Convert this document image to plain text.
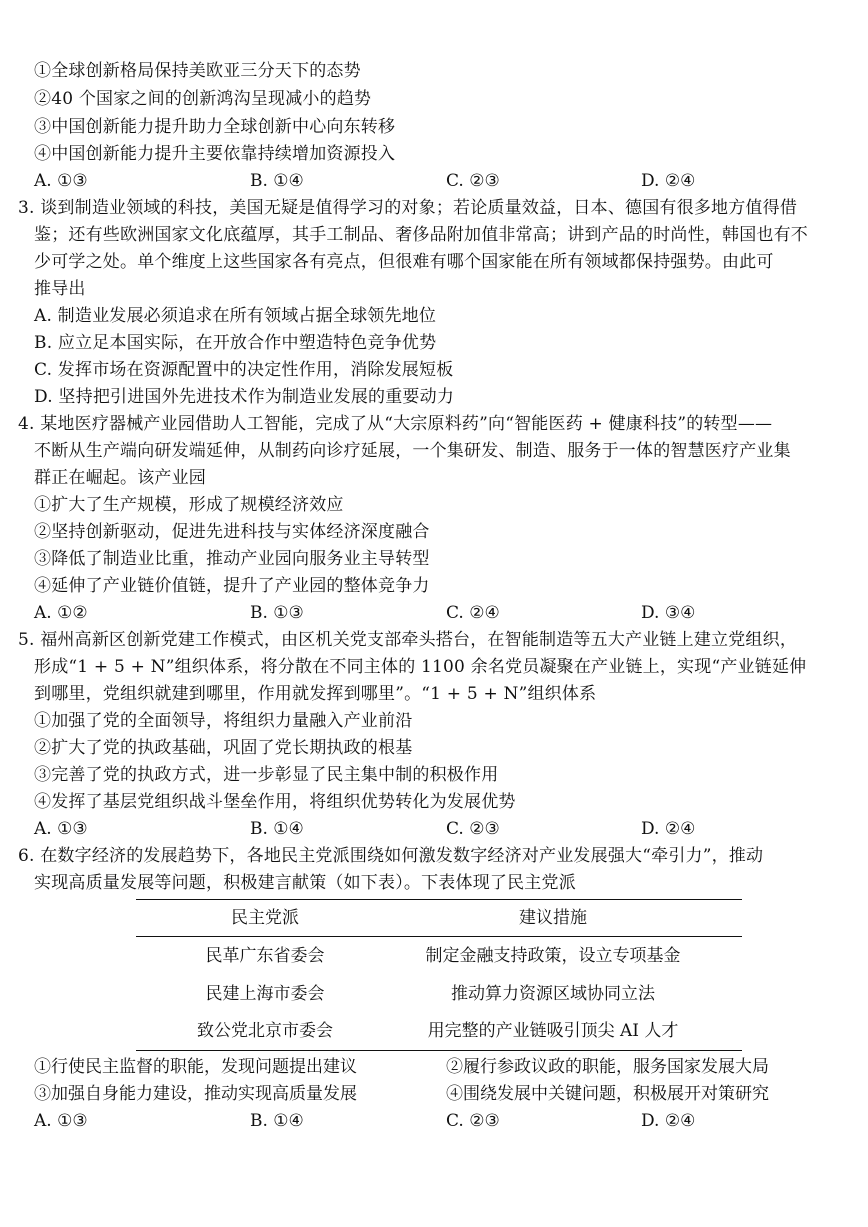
①全球创新格局保持美欧亚三分天下的态势
②40 个国家之间的创新鸿沟呈现减小的趋势
③中国创新能力提升助力全球创新中心向东转移
④中国创新能力提升主要依靠持续增加资源投入
A. ①③	B. ①④	C. ②③	D. ②④
3. 谈到制造业领域的科技，美国无疑是值得学习的对象；若论质量效益，日本、德国有很多地方值得借
鉴；还有些欧洲国家文化底蕴厚，其手工制品、奢侈品附加值非常高；讲到产品的时尚性，韩国也有不
少可学之处。单个维度上这些国家各有亮点，但很难有哪个国家能在所有领域都保持强势。由此可
推导出
A. 制造业发展必须追求在所有领域占据全球领先地位
B. 应立足本国实际，在开放合作中塑造特色竞争优势
C. 发挥市场在资源配置中的决定性作用，消除发展短板
D. 坚持把引进国外先进技术作为制造业发展的重要动力
4. 某地医疗器械产业园借助人工智能，完成了从“大宗原料药”向“智能医药 + 健康科技”的转型——
不断从生产端向研发端延伸，从制药向诊疗延展，一个集研发、制造、服务于一体的智慧医疗产业集
群正在崛起。该产业园
①扩大了生产规模，形成了规模经济效应
②坚持创新驱动，促进先进科技与实体经济深度融合
③降低了制造业比重，推动产业园向服务业主导转型
④延伸了产业链价值链，提升了产业园的整体竞争力
A. ①②	B. ①③	C. ②④	D. ③④
5. 福州高新区创新党建工作模式，由区机关党支部牵头搭台，在智能制造等五大产业链上建立党组织，
形成“1 + 5 + N”组织体系，将分散在不同主体的 1100 余名党员凝聚在产业链上，实现“产业链延伸
到哪里，党组织就建到哪里，作用就发挥到哪里”。“1 + 5 + N”组织体系
①加强了党的全面领导，将组织力量融入产业前沿
②扩大了党的执政基础，巩固了党长期执政的根基
③完善了党的执政方式，进一步彰显了民主集中制的积极作用
④发挥了基层党组织战斗堡垒作用，将组织优势转化为发展优势
A. ①③	B. ①④	C. ②③	D. ②④
6. 在数字经济的发展趋势下，各地民主党派围绕如何激发数字经济对产业发展强大“牵引力”，推动
实现高质量发展等问题，积极建言献策（如下表）。下表体现了民主党派
民主党派	建议措施
民革广东省委会	制定金融支持政策，设立专项基金
民建上海市委会	推动算力资源区域协同立法
致公党北京市委会	用完整的产业链吸引顶尖 AI 人才
①行使民主监督的职能，发现问题提出建议	②履行参政议政的职能，服务国家发展大局
③加强自身能力建设，推动实现高质量发展	④围绕发展中关键问题，积极展开对策研究
A. ①③	B. ①④	C. ②③	D. ②④
